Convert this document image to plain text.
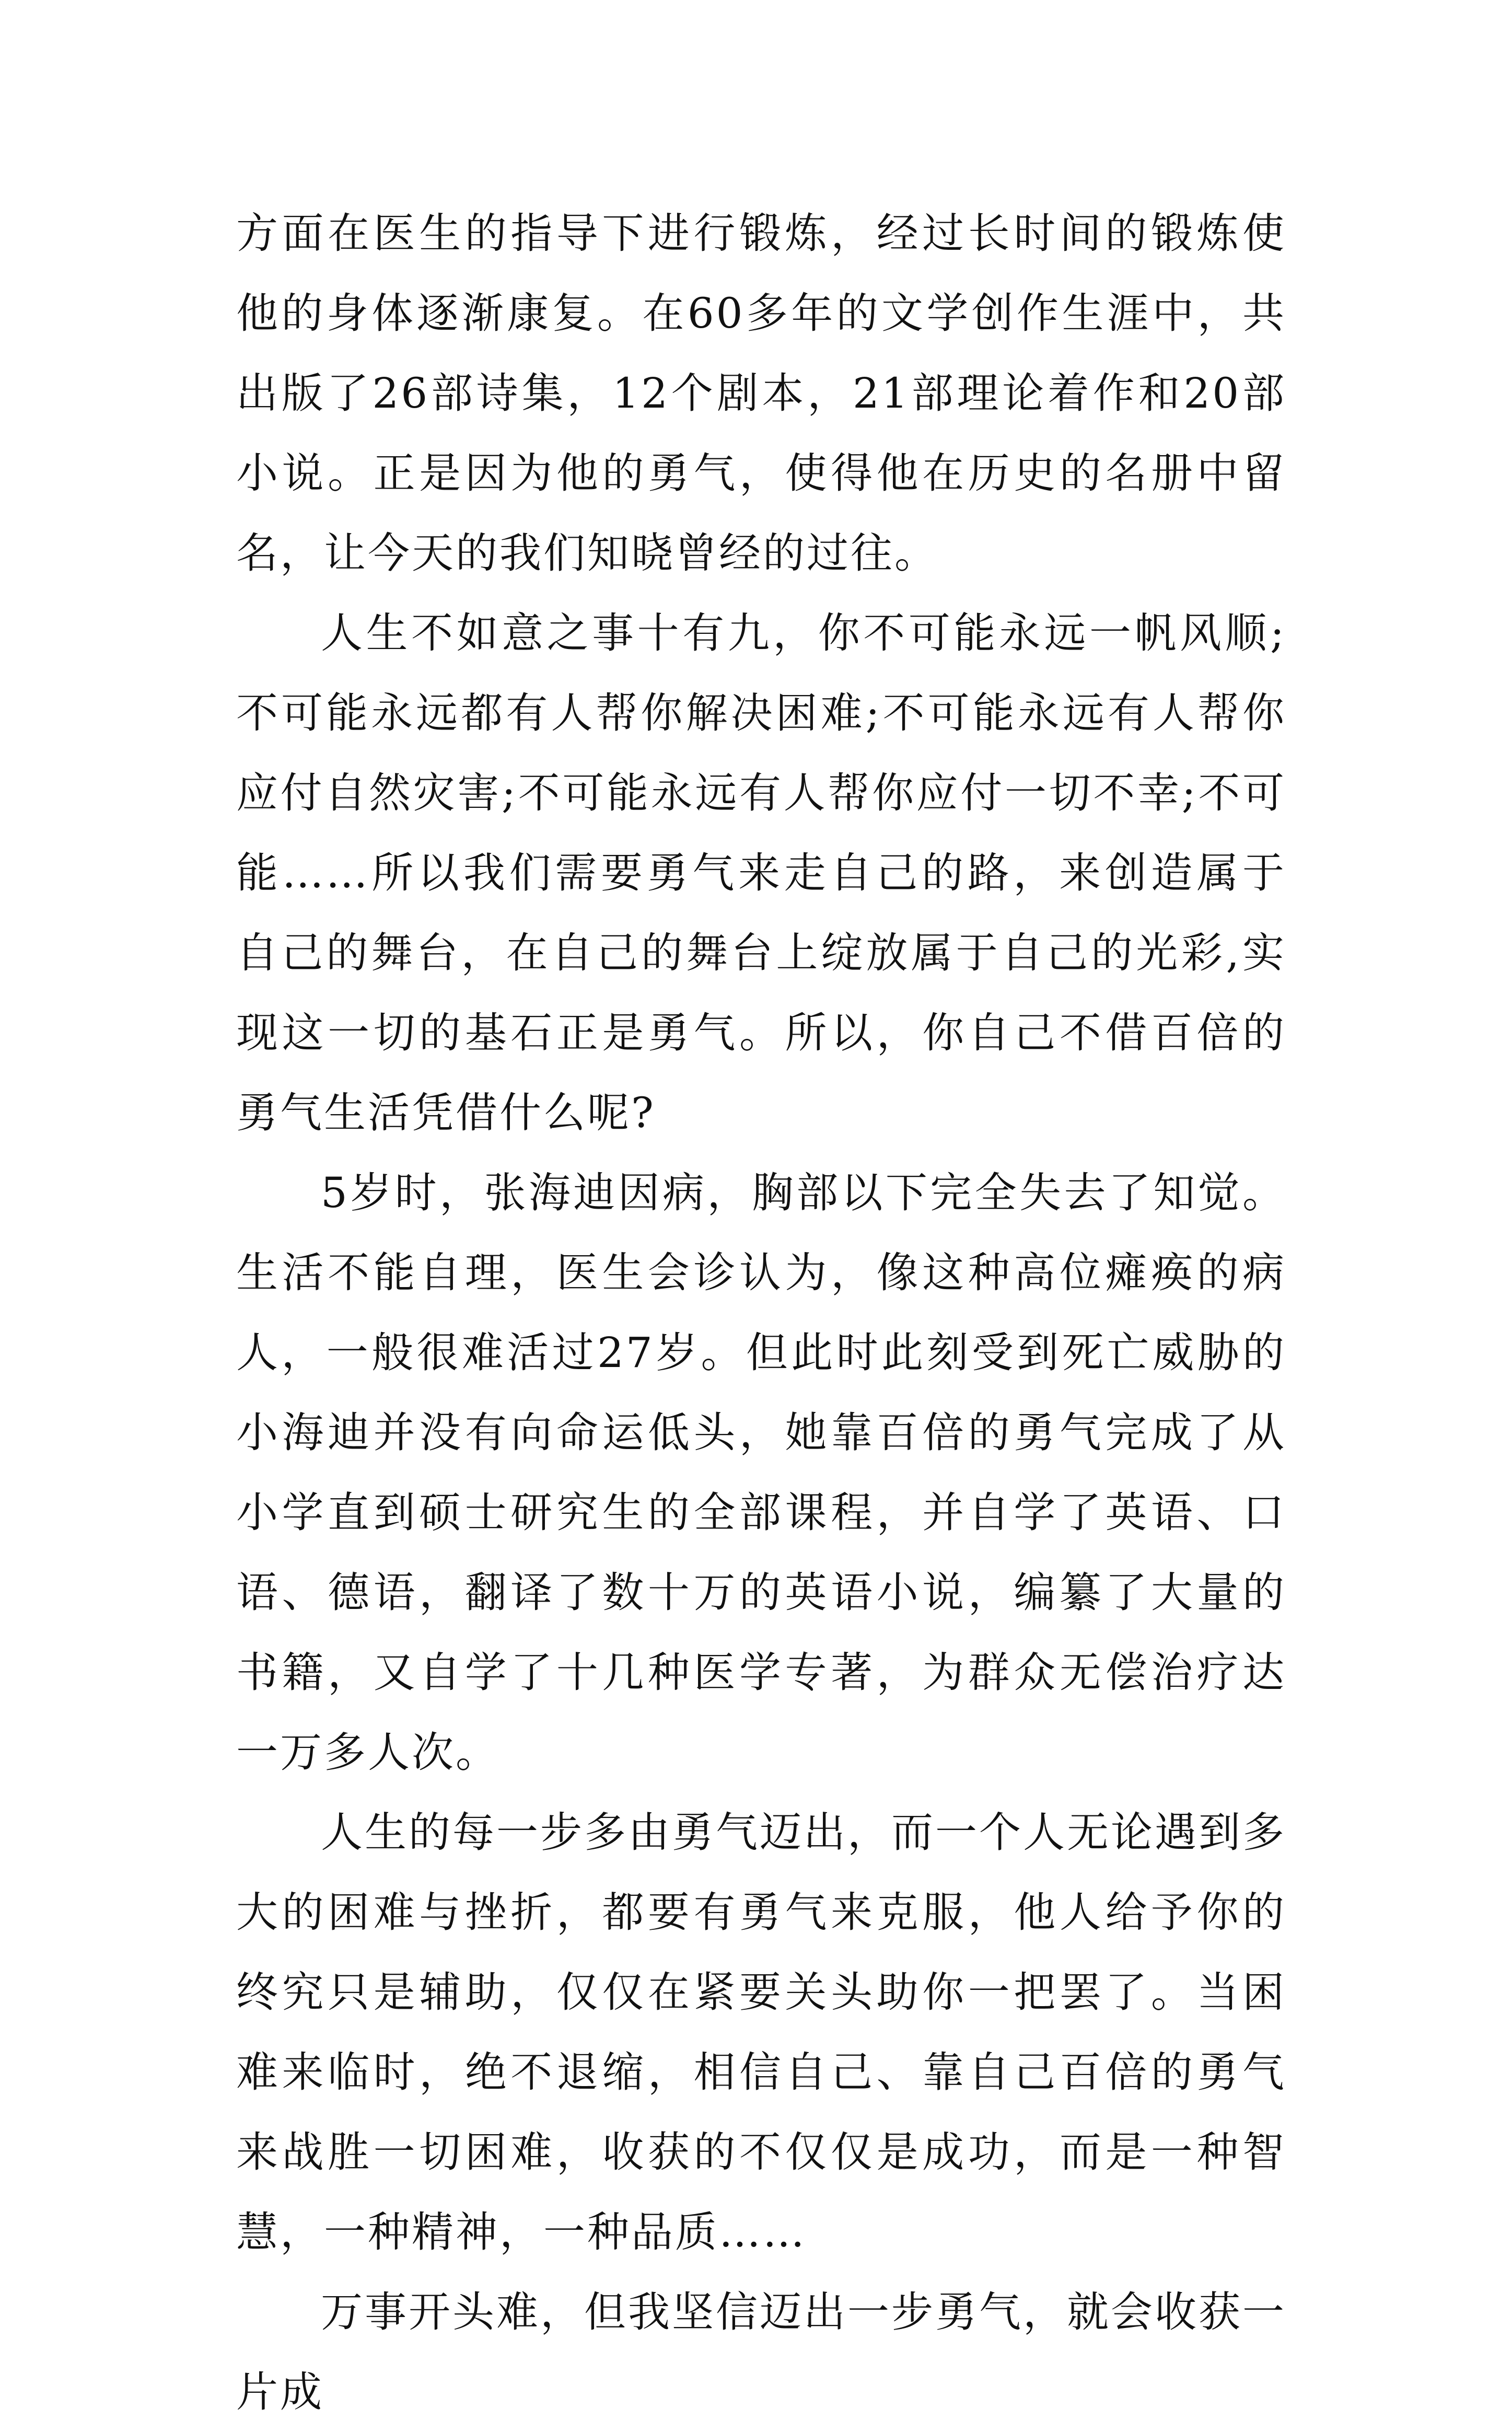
方面在医生的指导下进行锻炼，经过长时间的锻炼使他的身体逐渐康复。在60多年的文学创作生涯中，共出版了26部诗集，12个剧本，21部理论着作和20部小说。正是因为他的勇气，使得他在历史的名册中留名，让今天的我们知晓曾经的过往。

人生不如意之事十有九，你不可能永远一帆风顺;不可能永远都有人帮你解决困难;不可能永远有人帮你应付自然灾害;不可能永远有人帮你应付一切不幸;不可能……所以我们需要勇气来走自己的路，来创造属于自己的舞台，在自己的舞台上绽放属于自己的光彩,实现这一切的基石正是勇气。所以，你自己不借百倍的勇气生活凭借什么呢?

5岁时，张海迪因病，胸部以下完全失去了知觉。生活不能自理，医生会诊认为，像这种高位瘫痪的病人，一般很难活过27岁。但此时此刻受到死亡威胁的小海迪并没有向命运低头，她靠百倍的勇气完成了从小学直到硕士研究生的全部课程，并自学了英语、口语、德语，翻译了数十万的英语小说，编纂了大量的书籍，又自学了十几种医学专著，为群众无偿治疗达一万多人次。

人生的每一步多由勇气迈出，而一个人无论遇到多大的困难与挫折，都要有勇气来克服，他人给予你的终究只是辅助，仅仅在紧要关头助你一把罢了。当困难来临时，绝不退缩，相信自己、靠自己百倍的勇气来战胜一切困难，收获的不仅仅是成功，而是一种智慧，一种精神，一种品质……

万事开头难，但我坚信迈出一步勇气，就会收获一片成
